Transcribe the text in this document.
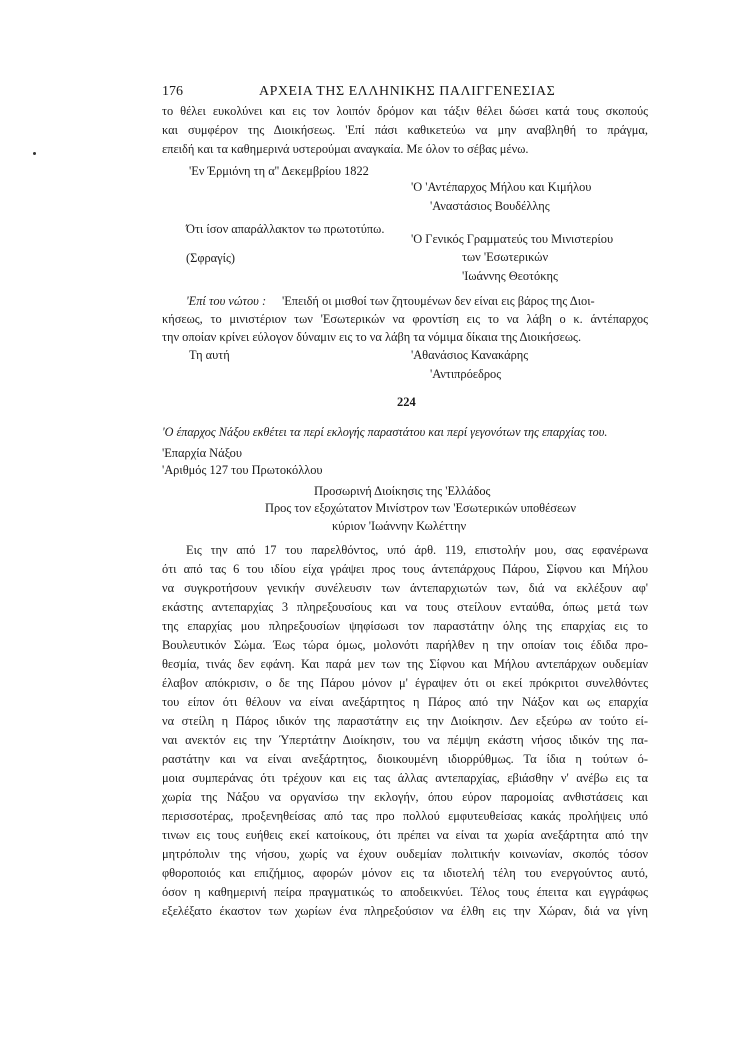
176	ΑΡΧΕΙΑ ΤΗΣ ΕΛΛΗΝΙΚΗΣ ΠΑΛΙΓΓΕΝΕΣΙΑΣ
το θέλει ευκολύνει και εις τον λοιπόν δρόμον και τάξιν θέλει δώσει κατά τους σκοπούς
και συμφέρον της Διοικήσεως. 'Επί πάσι καθικετεύω να μην αναβληθή το πράγμα,
επειδή και τα καθημερινά υστερούμαι αναγκαία. Με όλον το σέβας μένω.
'Εν Έρμιόνη τη α'' Δεκεμβρίου 1822
'Ο 'Αντέπαρχος Μήλου και Κιμήλου
'Αναστάσιος Βουδέλλης
Ότι ίσον απαράλλακτον τω πρωτοτύπω.
'Ο Γενικός Γραμματεύς του Μινιστερίου
(Σφραγίς)	των 'Εσωτερικών
'Ιωάννης Θεοτόκης
'Επί του νώτου : 'Επειδή οι μισθοί των ζητουμένων δεν είναι εις βάρος της Διοι-
κήσεως, το μινιστέριον των 'Εσωτερικών να φροντίση εις το να λάβη ο κ. άντέπαρχος
την οποίαν κρίνει εύλογον δύναμιν εις το να λάβη τα νόμιμα δίκαια της Διοικήσεως.
Τη αυτή	'Αθανάσιος Κανακάρης
'Αντιπρόεδρος
224
'Ο έπαρχος Νάξου εκθέτει τα περί εκλογής παραστάτου και περί γεγονότων της επαρχίας του.
'Επαρχία Νάξου
'Αριθμός 127 του Πρωτοκόλλου
Προσωρινή Διοίκησις της 'Ελλάδος
Προς τον εξοχώτατον Μινίστρον των 'Εσωτερικών υποθέσεων
κύριον 'Ιωάννην Κωλέττην
Εις την από 17 του παρελθόντος, υπό άρθ. 119, επιστολήν μου, σας εφανέρωνα
ότι από τας 6 του ιδίου είχα γράψει προς τους άντεπάρχους Πάρου, Σίφνου και Μήλου
να συγκροτήσουν γενικήν συνέλευσιν των άντεπαρχιωτών των, διά να εκλέξουν αφ'
εκάστης αντεπαρχίας 3 πληρεξουσίους και να τους στείλουν ενταύθα, όπως μετά των
της επαρχίας μου πληρεξουσίων ψηφίσωσι τον παραστάτην όλης της επαρχίας εις το
Βουλευτικόν Σώμα. Έως τώρα όμως, μολονότι παρήλθεν η την οποίαν τοις έδιδα προ-
θεσμία, τινάς δεν εφάνη. Και παρά μεν των της Σίφνου και Μήλου αντεπάρχων ουδεμίαν
έλαβον απόκρισιν, ο δε της Πάρου μόνον μ' έγραψεν ότι οι εκεί πρόκριτοι συνελθόντες
του είπον ότι θέλουν να είναι ανεξάρτητος η Πάρος από την Νάξον και ως επαρχία
να στείλη η Πάρος ιδικόν της παραστάτην εις την Διοίκησιν. Δεν εξεύρω αν τούτο εί-
ναι ανεκτόν εις την Ύπερτάτην Διοίκησιν, του να πέμψη εκάστη νήσος ιδικόν της πα-
ραστάτην και να είναι ανεξάρτητος, διοικουμένη ιδιορρύθμως. Τα ίδια η τούτων ό-
μοια συμπεράνας ότι τρέχουν και εις τας άλλας αντεπαρχίας, εβιάσθην ν' ανέβω εις τα
χωρία της Νάξου να οργανίσω την εκλογήν, όπου εύρον παρομοίας ανθιστάσεις και
περισσοτέρας, προξενηθείσας από τας προ πολλού εμφυτευθείσας κακάς προλήψεις υπό
τινων εις τους ευήθεις εκεί κατοίκους, ότι πρέπει να είναι τα χωρία ανεξάρτητα από την
μητρόπολιν της νήσου, χωρίς να έχουν ουδεμίαν πολιτικήν κοινωνίαν, σκοπός τόσον
φθοροποιός και επιζήμιος, αφορών μόνον εις τα ιδιοτελή τέλη του ενεργούντος αυτό,
όσον η καθημερινή πείρα πραγματικώς το αποδεικνύει. Τέλος τους έπειτα και εγγράφως
εξελέξατο έκαστον των χωρίων ένα πληρεξούσιον να έλθη εις την Χώραν, διά να γίνη
